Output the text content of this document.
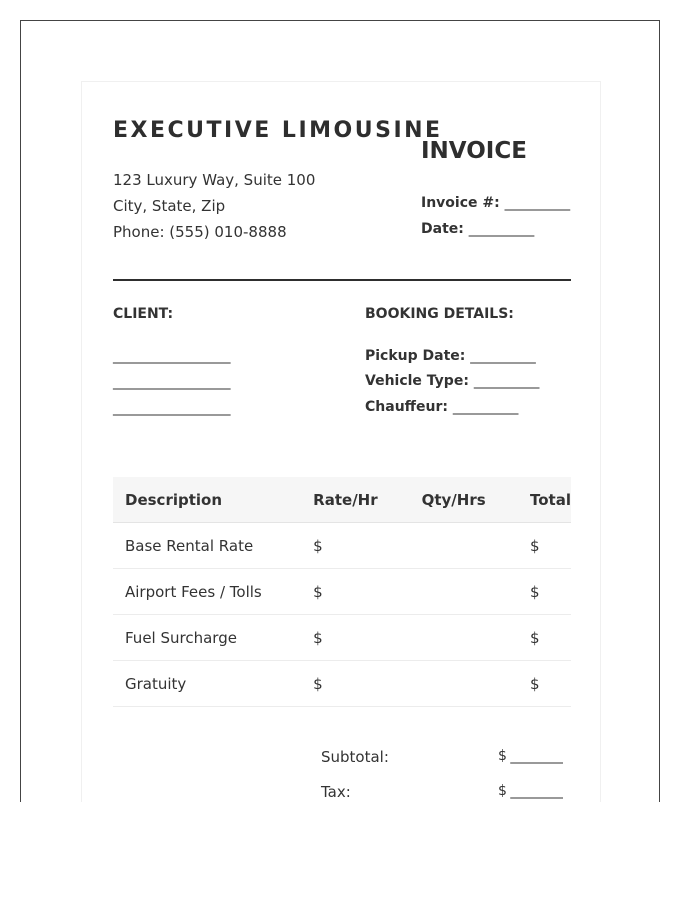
EXECUTIVE LIMOUSINE
123 Luxury Way, Suite 100
City, State, Zip
Phone: (555) 010-8888
INVOICE
Invoice #: __________
Date: __________
CLIENT:
__________________
__________________
__________________
BOOKING DETAILS:
Pickup Date: __________
Vehicle Type: __________
Chauffeur: __________
Description	Rate/Hr	Qty/Hrs	Total
Base Rental Rate	$		$
Airport Fees / Tolls	$		$
Fuel Surcharge	$		$
Gratuity	$		$
Subtotal:	$ ________
Tax:	$ ________
